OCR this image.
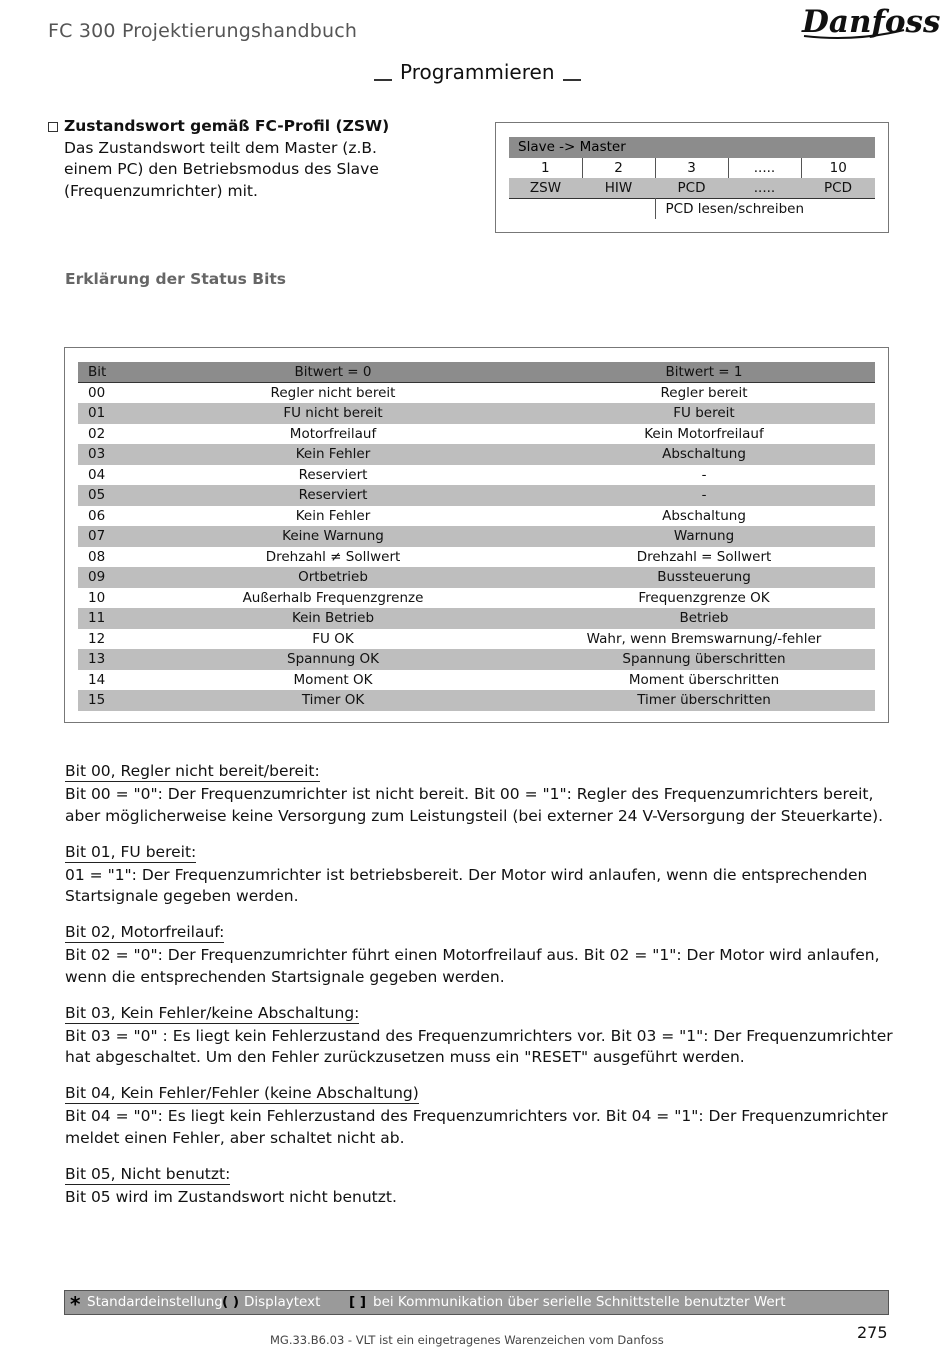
FC 300 Projektierungshandbuch	Danfoss
Programmieren
Zustandswort gemäß FC-Profil (ZSW)
Das Zustandswort teilt dem Master (z.B. einem PC) den Betriebsmodus des Slave (Frequenzumrichter) mit.
Slave -> Master				
1	2	3	.....	10
ZSW	HIW	PCD	.....	PCD
		PCD lesen/schreiben		
Erklärung der Status Bits
Bit	Bitwert = 0	Bitwert = 1
00	Regler nicht bereit	Regler bereit
01	FU nicht bereit	FU bereit
02	Motorfreilauf	Kein Motorfreilauf
03	Kein Fehler	Abschaltung
04	Reserviert	-
05	Reserviert	-
06	Kein Fehler	Abschaltung
07	Keine Warnung	Warnung
08	Drehzahl ≠ Sollwert	Drehzahl = Sollwert
09	Ortbetrieb	Bussteuerung
10	Außerhalb Frequenzgrenze	Frequenzgrenze OK
11	Kein Betrieb	Betrieb
12	FU OK	Wahr, wenn Bremswarnung/-fehler
13	Spannung OK	Spannung überschritten
14	Moment OK	Moment überschritten
15	Timer OK	Timer überschritten
Bit 00, Regler nicht bereit/bereit:
Bit 00 = "0": Der Frequenzumrichter ist nicht bereit. Bit 00 = "1": Regler des Frequenzumrichters bereit, aber möglicherweise keine Versorgung zum Leistungsteil (bei externer 24 V-Versorgung der Steuerkarte).
Bit 01, FU bereit:
01 = "1": Der Frequenzumrichter ist betriebsbereit. Der Motor wird anlaufen, wenn die entsprechenden Startsignale gegeben werden.
Bit 02, Motorfreilauf:
Bit 02 = "0": Der Frequenzumrichter führt einen Motorfreilauf aus. Bit 02 = "1": Der Motor wird anlaufen, wenn die entsprechenden Startsignale gegeben werden.
Bit 03, Kein Fehler/keine Abschaltung:
Bit 03 = "0" : Es liegt kein Fehlerzustand des Frequenzumrichters vor. Bit 03 = "1": Der Frequenzumrichter hat abgeschaltet. Um den Fehler zurückzusetzen muss ein "RESET" ausgeführt werden.
Bit 04, Kein Fehler/Fehler (keine Abschaltung)
Bit 04 = "0": Es liegt kein Fehlerzustand des Frequenzumrichters vor. Bit 04 = "1": Der Frequenzumrichter meldet einen Fehler, aber schaltet nicht ab.
Bit 05, Nicht benutzt:
Bit 05 wird im Zustandswort nicht benutzt.
* Standardeinstellung ( ) Displaytext [ ] bei Kommunikation über serielle Schnittstelle benutzter Wert
MG.33.B6.03 - VLT ist ein eingetragenes Warenzeichen vom Danfoss	275
